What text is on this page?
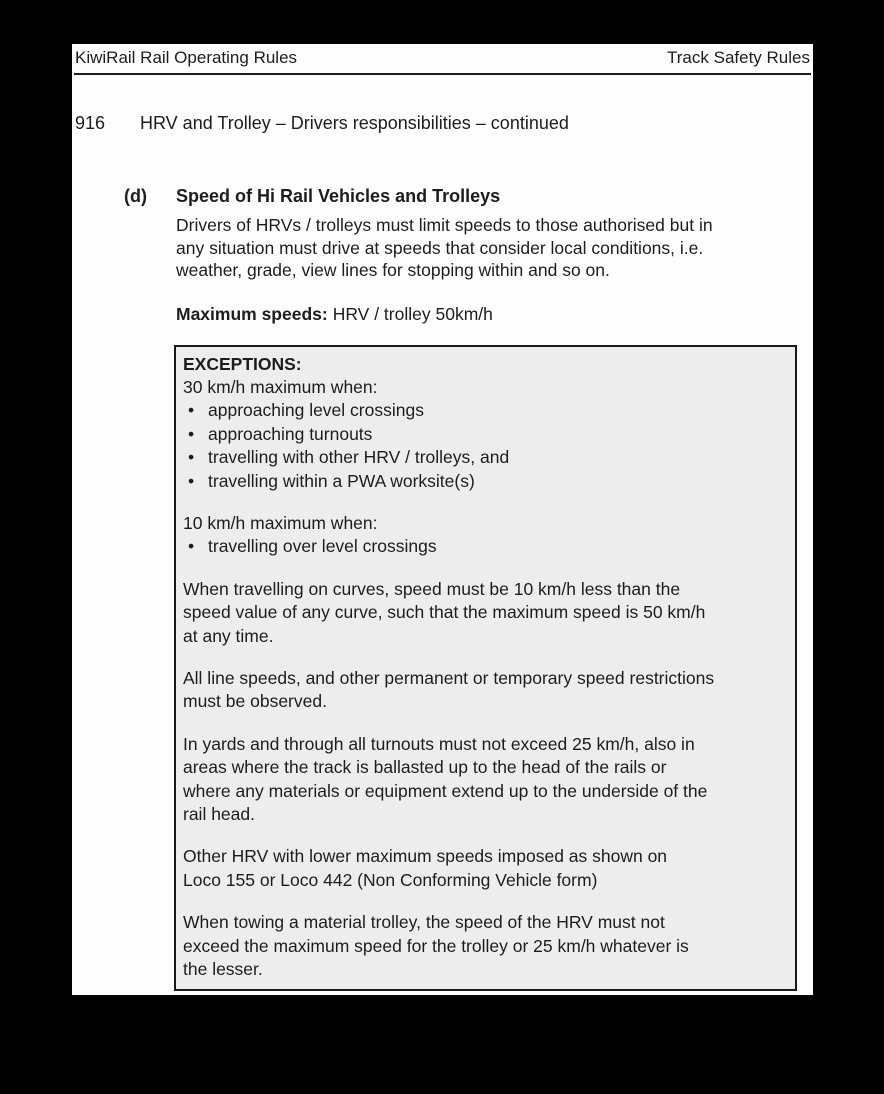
KiwiRail Rail Operating Rules	Track Safety Rules
916	HRV and Trolley – Drivers responsibilities – continued
(d)	Speed of Hi Rail Vehicles and Trolleys
Drivers of HRVs / trolleys must limit speeds to those authorised but in
any situation must drive at speeds that consider local conditions, i.e.
weather, grade, view lines for stopping within and so on.
Maximum speeds: HRV / trolley 50km/h
EXCEPTIONS:
30 km/h maximum when:
• approaching level crossings
• approaching turnouts
• travelling with other HRV / trolleys, and
• travelling within a PWA worksite(s)
10 km/h maximum when:
• travelling over level crossings
When travelling on curves, speed must be 10 km/h less than the
speed value of any curve, such that the maximum speed is 50 km/h
at any time.
All line speeds, and other permanent or temporary speed restrictions
must be observed.
In yards and through all turnouts must not exceed 25 km/h, also in
areas where the track is ballasted up to the head of the rails or
where any materials or equipment extend up to the underside of the
rail head.
Other HRV with lower maximum speeds imposed as shown on
Loco 155 or Loco 442 (Non Conforming Vehicle form)
When towing a material trolley, the speed of the HRV must not
exceed the maximum speed for the trolley or 25 km/h whatever is
the lesser.
